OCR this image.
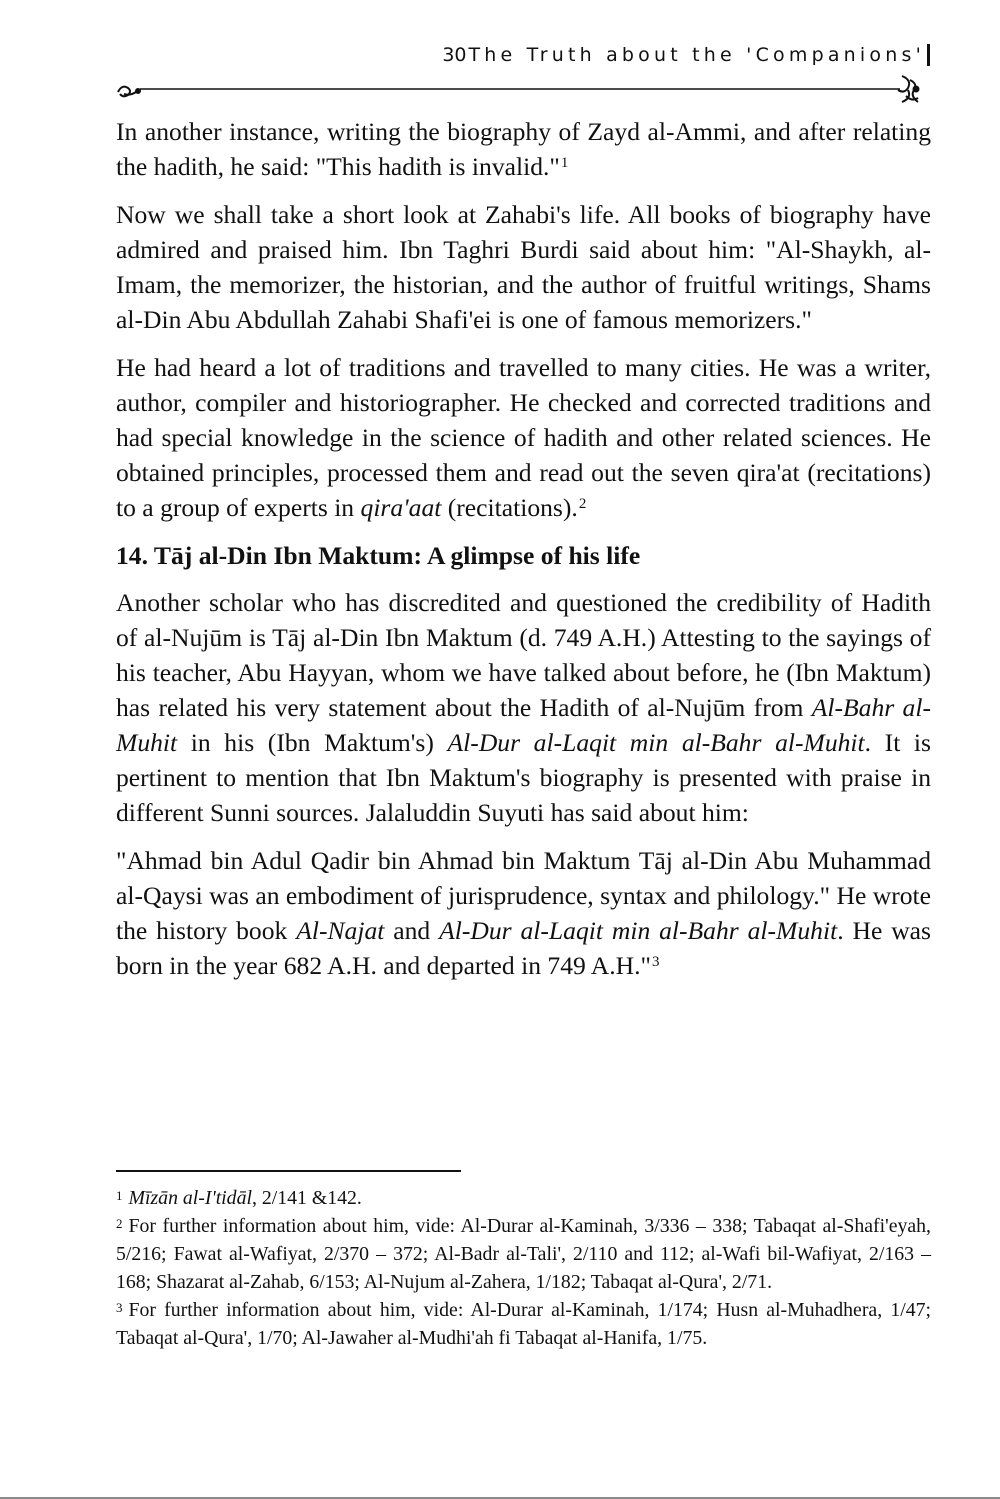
30 The Truth about the 'Companions'

In another instance, writing the biography of Zayd al-Ammi, and after relating the hadith, he said: "This hadith is invalid."$^1$

Now we shall take a short look at Zahabi's life. All books of biography have admired and praised him. Ibn Taghri Burdi said about him: "Al-Shaykh, al-Imam, the memorizer, the historian, and the author of fruitful writings, Shams al-Din Abu Abdullah Zahabi Shafi'ei is one of famous memorizers."

He had heard a lot of traditions and travelled to many cities. He was a writer, author, compiler and historiographer. He checked and corrected traditions and had special knowledge in the science of hadith and other related sciences. He obtained principles, processed them and read out the seven qira'at (recitations) to a group of experts in qira'aat (recitations).$^2$

14. Tāj al-Din Ibn Maktum: A glimpse of his life

Another scholar who has discredited and questioned the credibility of Hadith of al-Nujūm is Tāj al-Din Ibn Maktum (d. 749 A.H.) Attesting to the sayings of his teacher, Abu Hayyan, whom we have talked about before, he (Ibn Maktum) has related his very statement about the Hadith of al-Nujūm from Al-Bahr al-Muhit in his (Ibn Maktum's) Al-Dur al-Laqit min al-Bahr al-Muhit. It is pertinent to mention that Ibn Maktum's biography is presented with praise in different Sunni sources. Jalaluddin Suyuti has said about him:

"Ahmad bin Adul Qadir bin Ahmad bin Maktum Tāj al-Din Abu Muhammad al-Qaysi was an embodiment of jurisprudence, syntax and philology." He wrote the history book Al-Najat and Al-Dur al-Laqit min al-Bahr al-Muhit. He was born in the year 682 A.H. and departed in 749 A.H."$^3$

$^1$ Mīzān al-I'tidāl, 2/141 &142.

$^2$ For further information about him, vide: Al-Durar al-Kaminah, 3/336 – 338; Tabaqat al-Shafi'eyah, 5/216; Fawat al-Wafiyat, 2/370 – 372; Al-Badr al-Tali', 2/110 and 112; al-Wafi bil-Wafiyat, 2/163 – 168; Shazarat al-Zahab, 6/153; Al-Nujum al-Zahera, 1/182; Tabaqat al-Qura', 2/71.

$^3$ For further information about him, vide: Al-Durar al-Kaminah, 1/174; Husn al-Muhadhera, 1/47; Tabaqat al-Qura', 1/70; Al-Jawaher al-Mudhi'ah fi Tabaqat al-Hanifa, 1/75.
